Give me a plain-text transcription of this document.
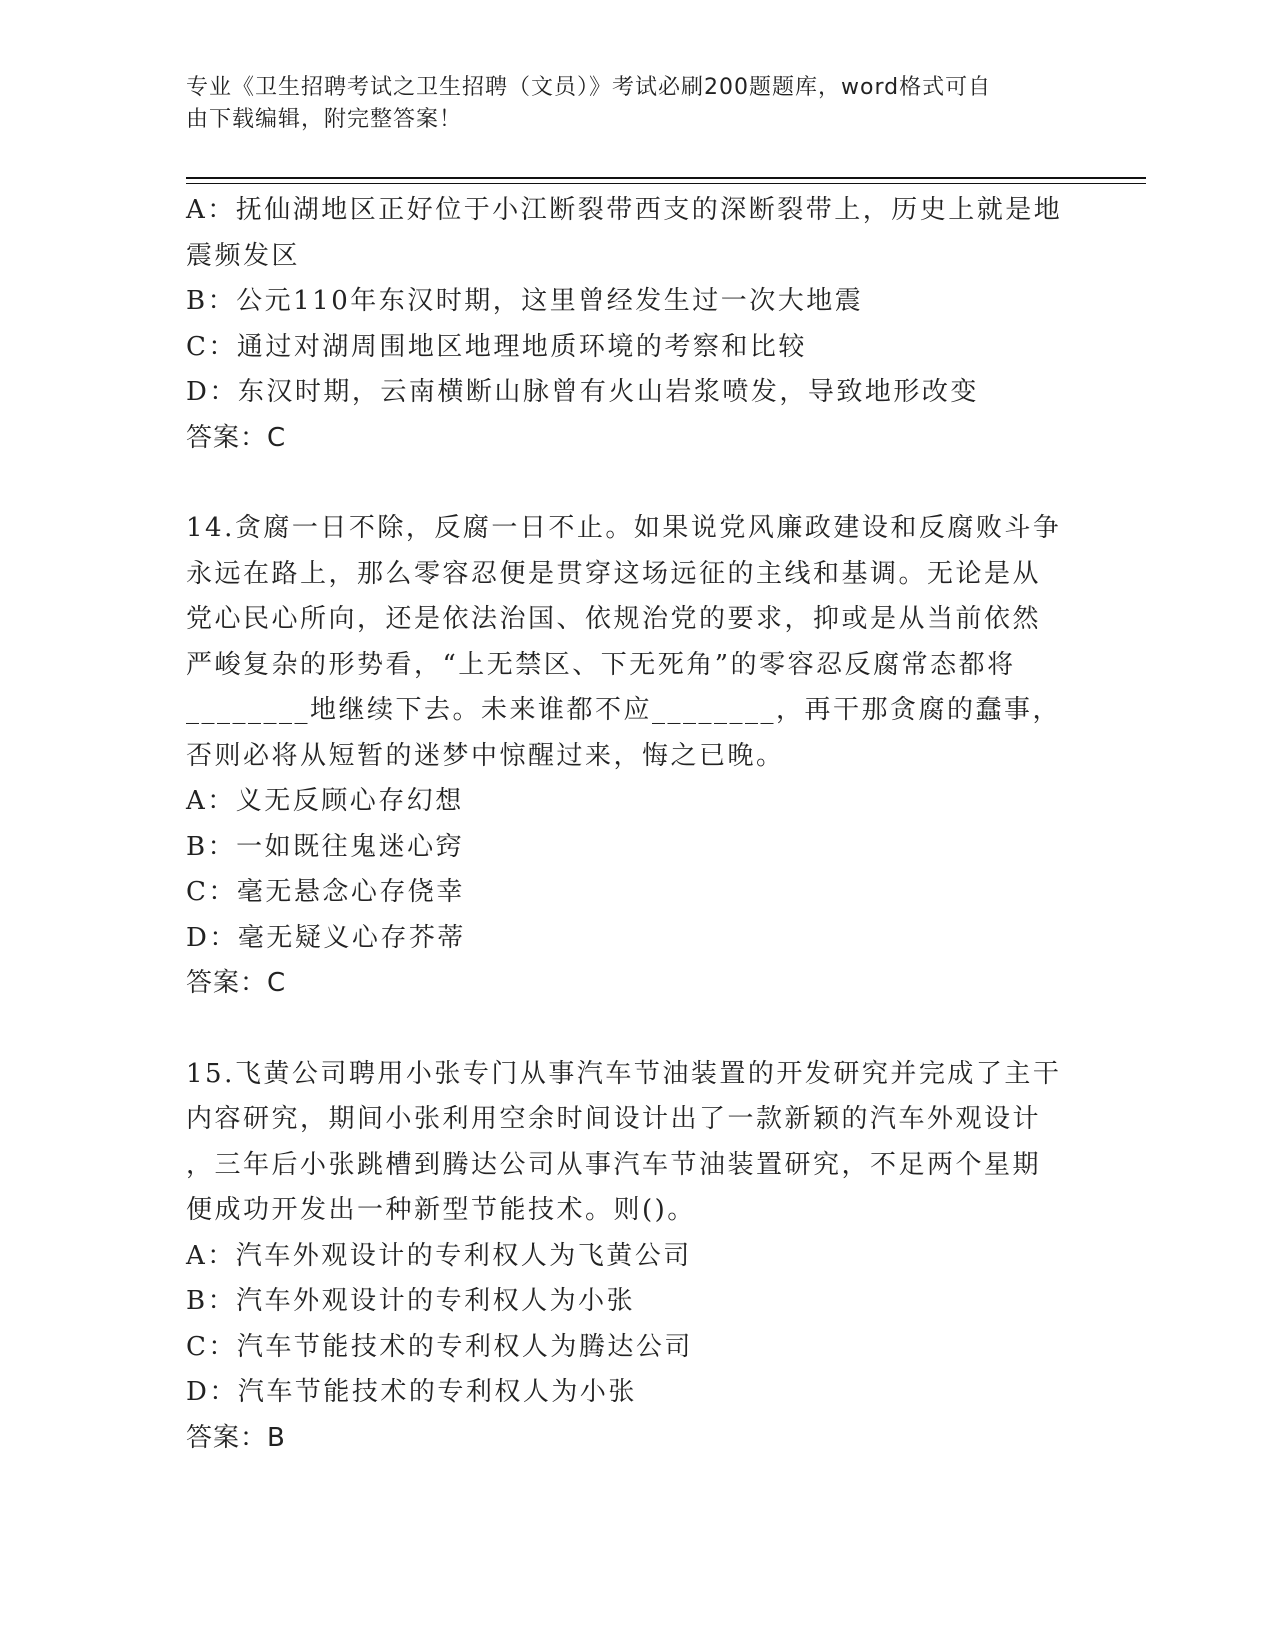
专业《卫生招聘考试之卫生招聘（文员）》考试必刷200题题库，word格式可自
由下载编辑，附完整答案！
A：抚仙湖地区正好位于小江断裂带西支的深断裂带上，历史上就是地
震频发区
B：公元110年东汉时期，这里曾经发生过一次大地震
C：通过对湖周围地区地理地质环境的考察和比较
D：东汉时期，云南横断山脉曾有火山岩浆喷发，导致地形改变
答案：C
14.贪腐一日不除，反腐一日不止。如果说党风廉政建设和反腐败斗争
永远在路上，那么零容忍便是贯穿这场远征的主线和基调。无论是从
党心民心所向，还是依法治国、依规治党的要求，抑或是从当前依然
严峻复杂的形势看，“上无禁区、下无死角”的零容忍反腐常态都将
________地继续下去。未来谁都不应________，再干那贪腐的蠢事，
否则必将从短暂的迷梦中惊醒过来，悔之已晚。
A：义无反顾心存幻想
B：一如既往鬼迷心窍
C：毫无悬念心存侥幸
D：毫无疑义心存芥蒂
答案：C
15.飞黄公司聘用小张专门从事汽车节油装置的开发研究并完成了主干
内容研究，期间小张利用空余时间设计出了一款新颖的汽车外观设计
，三年后小张跳槽到腾达公司从事汽车节油装置研究，不足两个星期
便成功开发出一种新型节能技术。则()。
A：汽车外观设计的专利权人为飞黄公司
B：汽车外观设计的专利权人为小张
C：汽车节能技术的专利权人为腾达公司
D：汽车节能技术的专利权人为小张
答案：B
